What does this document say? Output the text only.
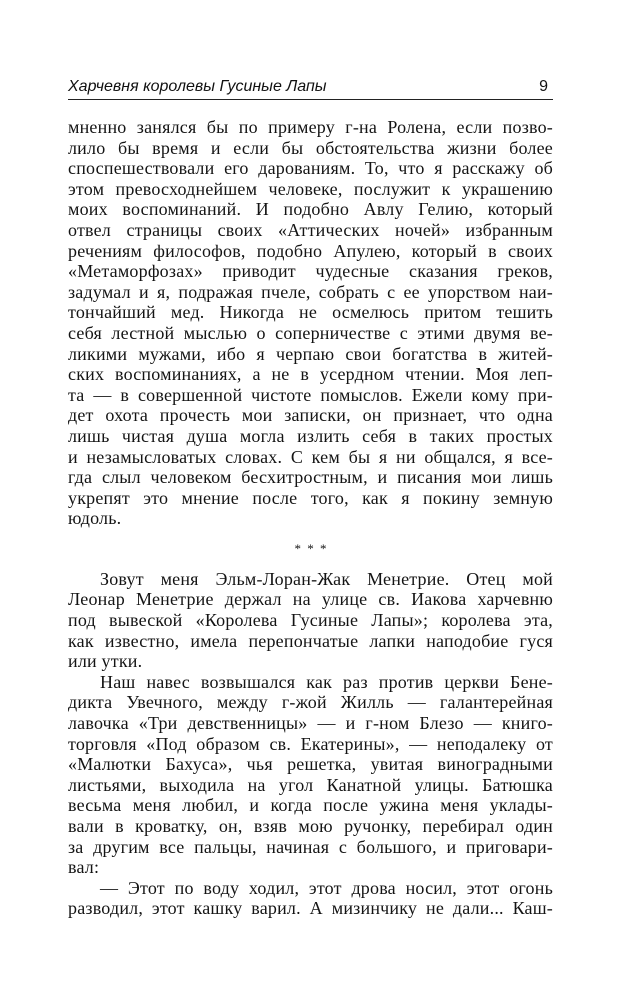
Харчевня королевы Гусиные Лапы	9
мненно занялся бы по примеру г-на Ролена, если позво-
лило бы время и если бы обстоятельства жизни более
споспешествовали его дарованиям. То, что я расскажу об
этом превосходнейшем человеке, послужит к украшению
моих воспоминаний. И подобно Авлу Гелию, который
отвел страницы своих «Аттических ночей» избранным
речениям философов, подобно Апулею, который в своих
«Метаморфозах» приводит чудесные сказания греков,
задумал и я, подражая пчеле, собрать с ее упорством наи-
тончайший мед. Никогда не осмелюсь притом тешить
себя лестной мыслью о соперничестве с этими двумя ве-
ликими мужами, ибо я черпаю свои богатства в житей-
ских воспоминаниях, а не в усердном чтении. Моя леп-
та — в совершенной чистоте помыслов. Ежели кому при-
дет охота прочесть мои записки, он признает, что одна
лишь чистая душа могла излить себя в таких простых
и незамысловатых словах. С кем бы я ни общался, я все-
гда слыл человеком бесхитростным, и писания мои лишь
укрепят это мнение после того, как я покину земную
юдоль.
* * *
Зовут меня Эльм-Лоран-Жак Менетрие. Отец мой
Леонар Менетрие держал на улице св. Иакова харчевню
под вывеской «Королева Гусиные Лапы»; королева эта,
как известно, имела перепончатые лапки наподобие гуся
или утки.
Наш навес возвышался как раз против церкви Бене-
дикта Увечного, между г-жой Жилль — галантерейная
лавочка «Три девственницы» — и г-ном Блезо — книго-
торговля «Под образом св. Екатерины», — неподалеку от
«Малютки Бахуса», чья решетка, увитая виноградными
листьями, выходила на угол Канатной улицы. Батюшка
весьма меня любил, и когда после ужина меня уклады-
вали в кроватку, он, взяв мою ручонку, перебирал один
за другим все пальцы, начиная с большого, и приговари-
вал:
— Этот по воду ходил, этот дрова носил, этот огонь
разводил, этот кашку варил. А мизинчику не дали... Каш-
